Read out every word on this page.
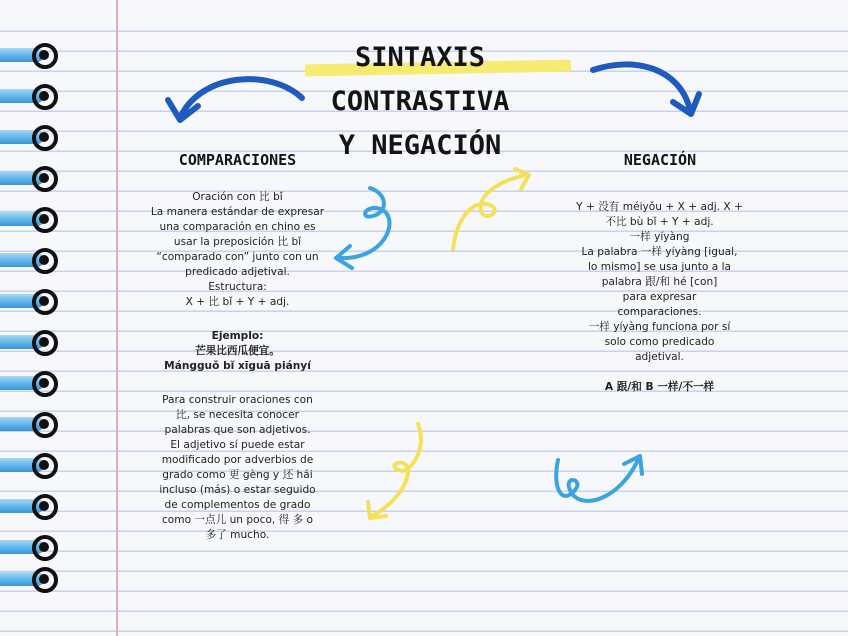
SINTAXIS
CONTRASTIVA
Y NEGACIÓN
COMPARACIONES
Oración con 比 bǐ
La manera estándar de expresar
una comparación en chino es
usar la preposición 比 bǐ
“comparado con” junto con un
predicado adjetival.
Estructura:
X + 比 bǐ + Y + adj.
Ejemplo:
芒果比西瓜便宜。
Mángguǒ bǐ xīguā piányí
Para construir oraciones con
比, se necesita conocer
palabras que son adjetivos.
El adjetivo sí puede estar
modificado por adverbios de
grado como 更 gèng y 还 hái
incluso (más) o estar seguido
de complementos de grado
como 一点儿 un poco, 得 多 o
多了 mucho.
NEGACIÓN
Y + 没有 méiyǒu + X + adj. X +
不比 bù bǐ + Y + adj.
一样 yíyàng
La palabra 一样 yíyàng [igual,
lo mismo] se usa junto a la
palabra 跟/和 hé [con]
para expresar
comparaciones.
一样 yíyàng funciona por sí
solo como predicado
adjetival.
A 跟/和 B 一样/不一样
